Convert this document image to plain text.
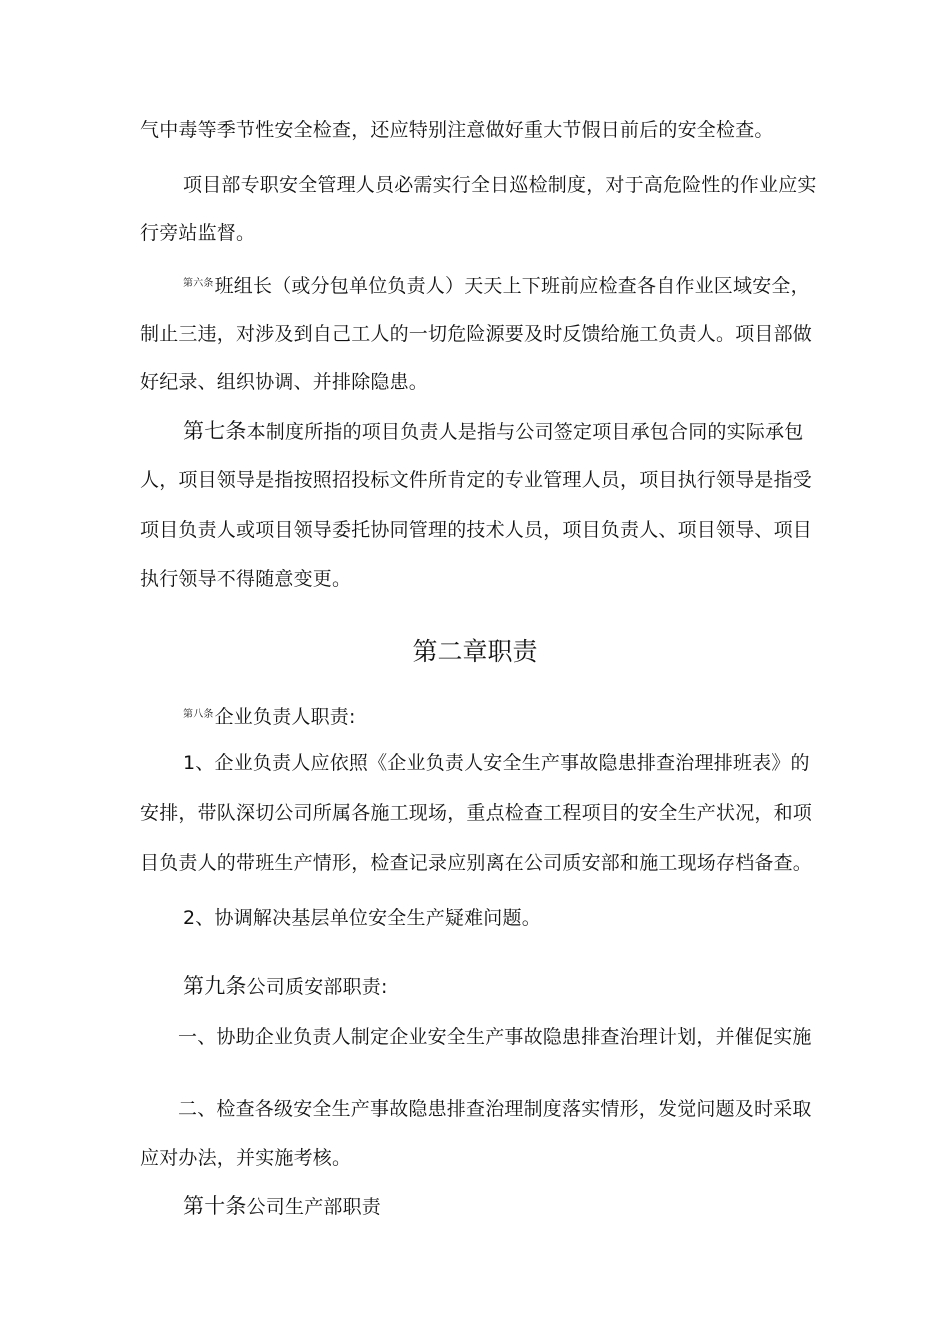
气中毒等季节性安全检查，还应特别注意做好重大节假日前后的安全检查。
项目部专职安全管理人员必需实行全日巡检制度，对于高危险性的作业应实
行旁站监督。
$^{第六条}$班组长（或分包单位负责人）天天上下班前应检查各自作业区域安全，
制止三违，对涉及到自己工人的一切危险源要及时反馈给施工负责人。项目部做
好纪录、组织协调、并排除隐患。
第七条本制度所指的项目负责人是指与公司签定项目承包合同的实际承包
人，项目领导是指按照招投标文件所肯定的专业管理人员，项目执行领导是指受
项目负责人或项目领导委托协同管理的技术人员，项目负责人、项目领导、项目
执行领导不得随意变更。
第二章职责
$^{第八条}$企业负责人职责:
1、企业负责人应依照《企业负责人安全生产事故隐患排查治理排班表》的
安排，带队深切公司所属各施工现场，重点检查工程项目的安全生产状况，和项
目负责人的带班生产情形，检查记录应别离在公司质安部和施工现场存档备查。
2、协调解决基层单位安全生产疑难问题。
第九条公司质安部职责:
一、协助企业负责人制定企业安全生产事故隐患排查治理计划，并催促实施
二、检查各级安全生产事故隐患排查治理制度落实情形，发觉问题及时采取
应对办法，并实施考核。
第十条公司生产部职责
